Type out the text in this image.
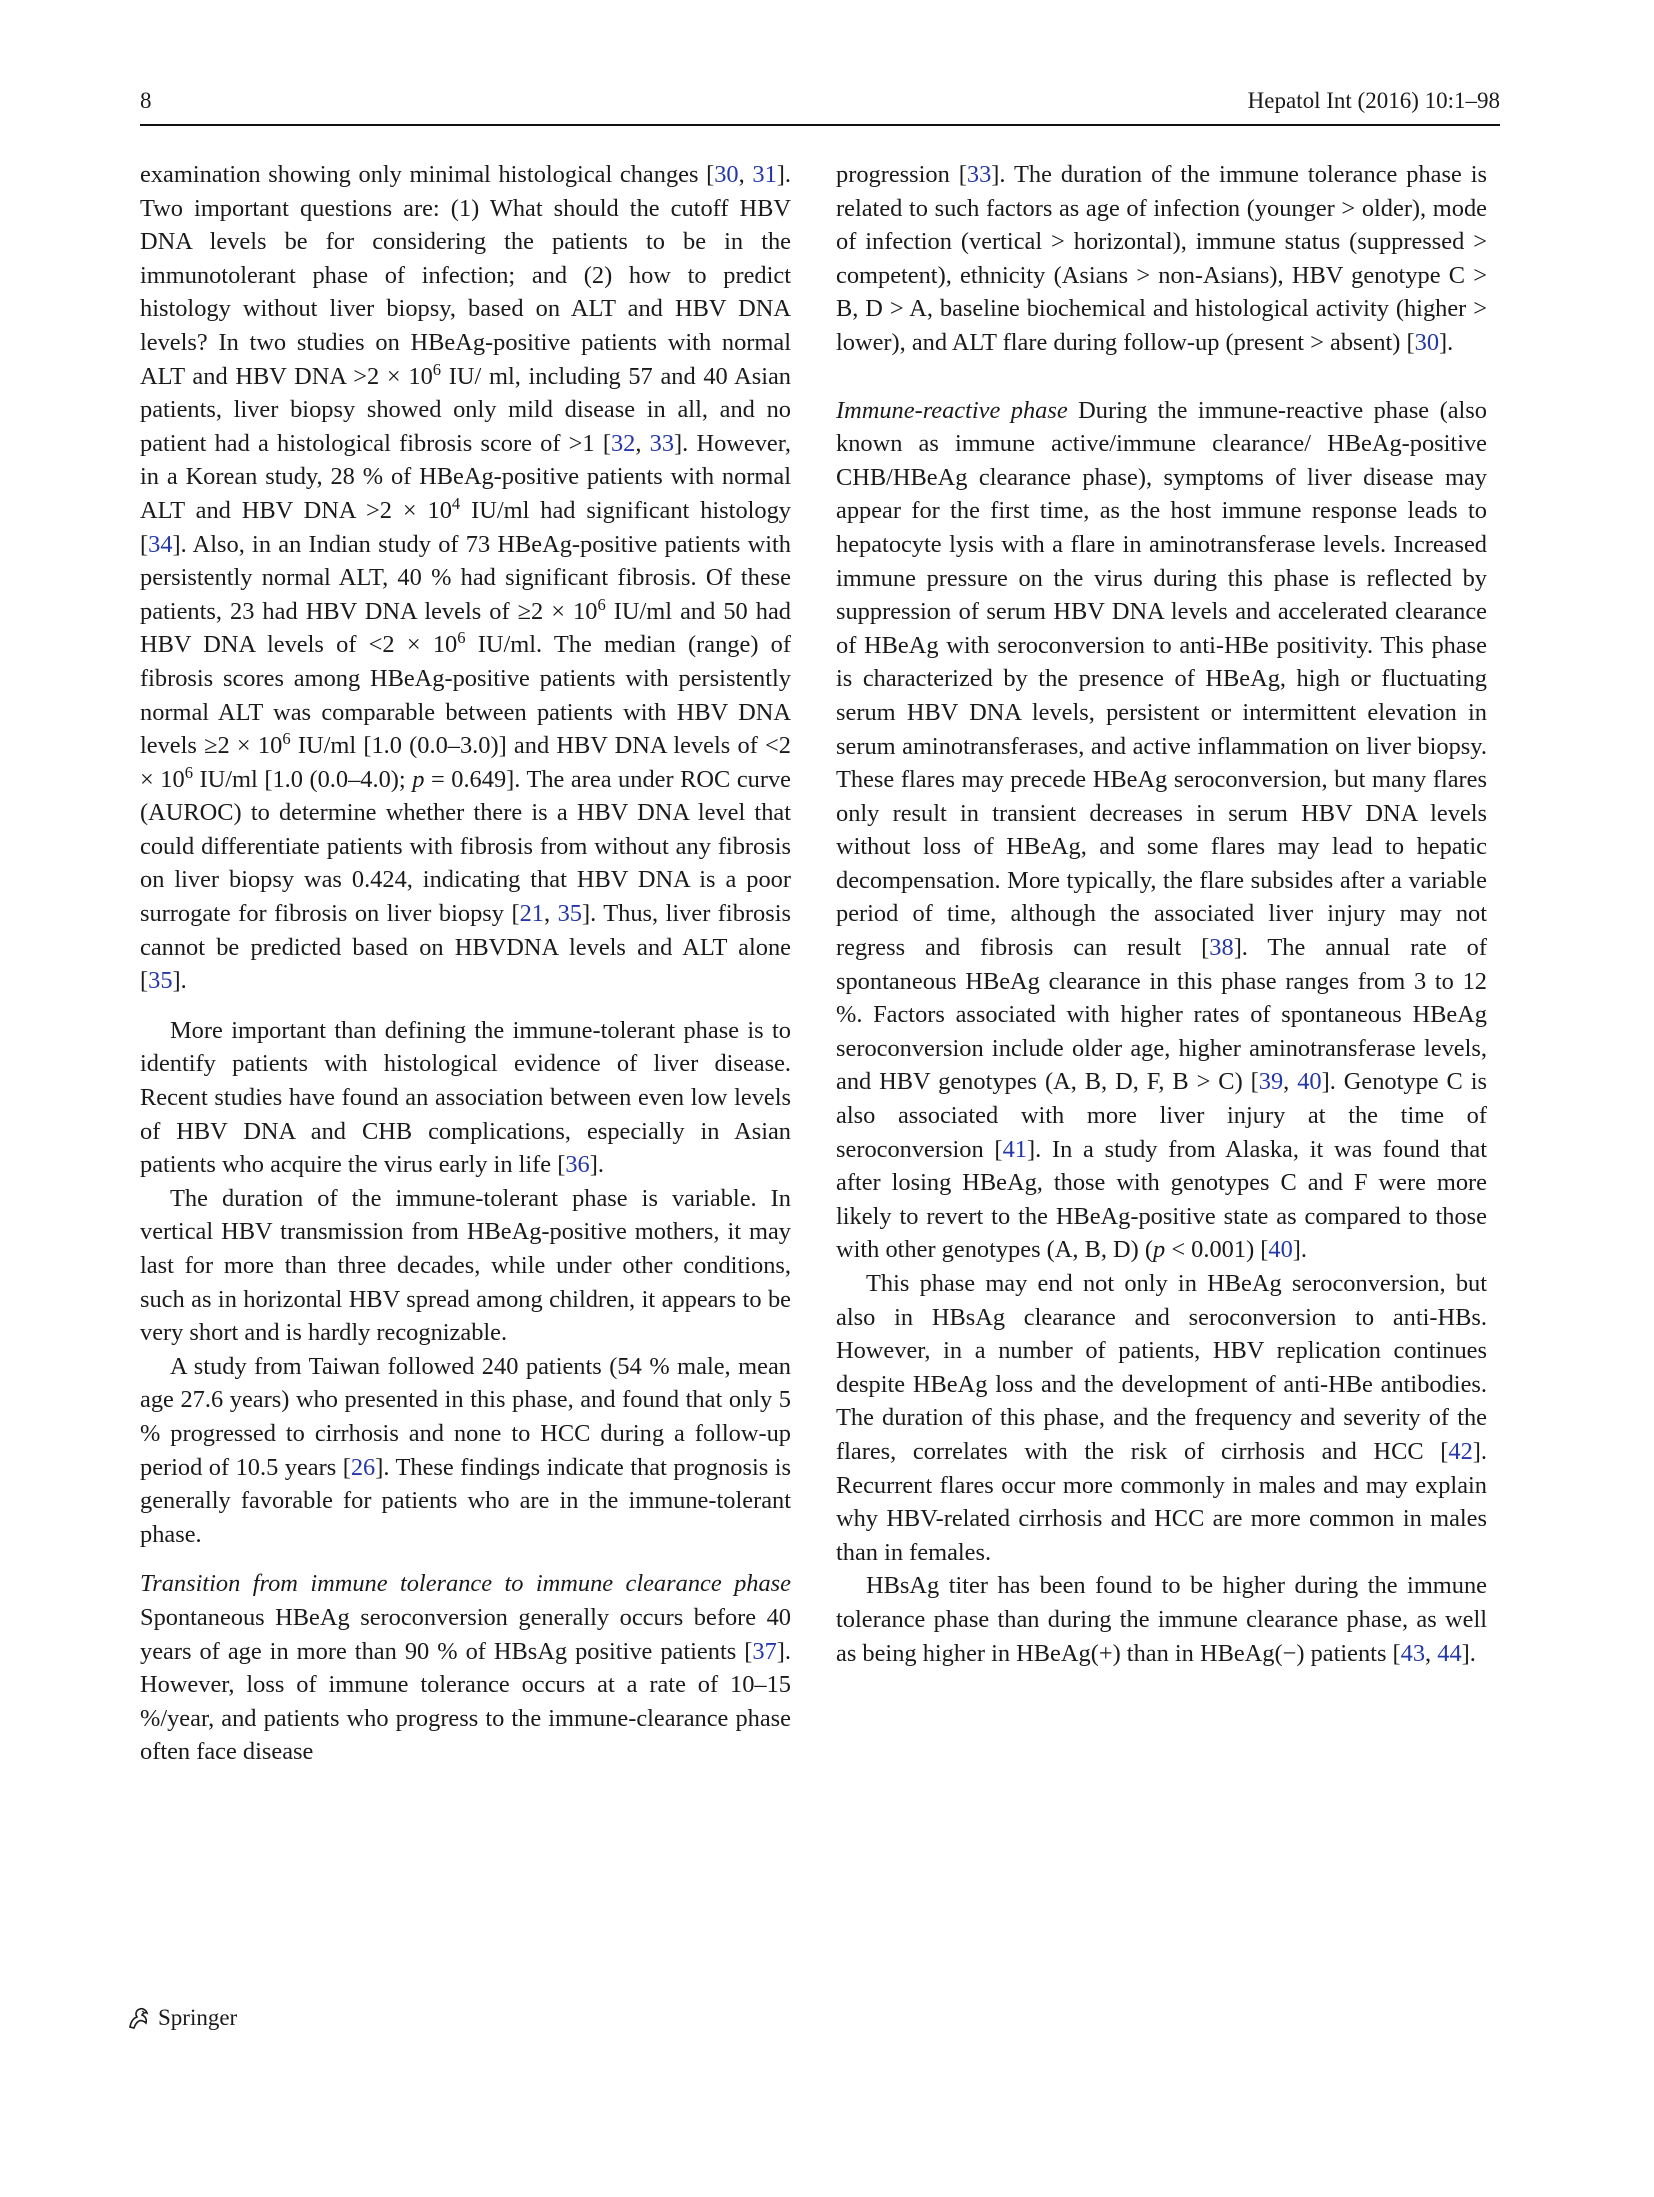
8	Hepatol Int (2016) 10:1–98

examination showing only minimal histological changes [30, 31]. Two important questions are: (1) What should the cutoff HBV DNA levels be for considering the patients to be in the immunotolerant phase of infection; and (2) how to predict histology without liver biopsy, based on ALT and HBV DNA levels? In two studies on HBeAg-positive patients with normal ALT and HBV DNA $>2 \times 10^6$ IU/ ml, including 57 and 40 Asian patients, liver biopsy showed only mild disease in all, and no patient had a histological fibrosis score of >1 [32, 33]. However, in a Korean study, 28 % of HBeAg-positive patients with normal ALT and HBV DNA $>2 \times 10^4$ IU/ml had significant histology [34]. Also, in an Indian study of 73 HBeAg-positive patients with persistently normal ALT, 40 % had significant fibrosis. Of these patients, 23 had HBV DNA levels of $\ge 2 \times 10^6$ IU/ml and 50 had HBV DNA levels of $<2 \times 10^6$ IU/ml. The median (range) of fibrosis scores among HBeAg-positive patients with persistently normal ALT was comparable between patients with HBV DNA levels $\ge 2 \times 10^6$ IU/ml [1.0 (0.0–3.0)] and HBV DNA levels of $<2 \times 10^6$ IU/ml [1.0 (0.0–4.0); p = 0.649]. The area under ROC curve (AUROC) to determine whether there is a HBV DNA level that could differentiate patients with fibrosis from without any fibrosis on liver biopsy was 0.424, indicating that HBV DNA is a poor surrogate for fibrosis on liver biopsy [21, 35]. Thus, liver fibrosis cannot be predicted based on HBVDNA levels and ALT alone [35].

More important than defining the immune-tolerant phase is to identify patients with histological evidence of liver disease. Recent studies have found an association between even low levels of HBV DNA and CHB complications, especially in Asian patients who acquire the virus early in life [36].

The duration of the immune-tolerant phase is variable. In vertical HBV transmission from HBeAg-positive mothers, it may last for more than three decades, while under other conditions, such as in horizontal HBV spread among children, it appears to be very short and is hardly recognizable.

A study from Taiwan followed 240 patients (54 % male, mean age 27.6 years) who presented in this phase, and found that only 5 % progressed to cirrhosis and none to HCC during a follow-up period of 10.5 years [26]. These findings indicate that prognosis is generally favorable for patients who are in the immune-tolerant phase.

Transition from immune tolerance to immune clearance phase Spontaneous HBeAg seroconversion generally occurs before 40 years of age in more than 90 % of HBsAg positive patients [37]. However, loss of immune tolerance occurs at a rate of 10–15 %/year, and patients who progress to the immune-clearance phase often face disease

progression [33]. The duration of the immune tolerance phase is related to such factors as age of infection (younger > older), mode of infection (vertical > horizontal), immune status (suppressed > competent), ethnicity (Asians > non-Asians), HBV genotype C > B, D > A, baseline biochemical and histological activity (higher > lower), and ALT flare during follow-up (present > absent) [30].

Immune-reactive phase During the immune-reactive phase (also known as immune active/immune clearance/ HBeAg-positive CHB/HBeAg clearance phase), symptoms of liver disease may appear for the first time, as the host immune response leads to hepatocyte lysis with a flare in aminotransferase levels. Increased immune pressure on the virus during this phase is reflected by suppression of serum HBV DNA levels and accelerated clearance of HBeAg with seroconversion to anti-HBe positivity. This phase is characterized by the presence of HBeAg, high or fluctuating serum HBV DNA levels, persistent or intermittent elevation in serum aminotransferases, and active inflammation on liver biopsy. These flares may precede HBeAg seroconversion, but many flares only result in transient decreases in serum HBV DNA levels without loss of HBeAg, and some flares may lead to hepatic decompensation. More typically, the flare subsides after a variable period of time, although the associated liver injury may not regress and fibrosis can result [38]. The annual rate of spontaneous HBeAg clearance in this phase ranges from 3 to 12 %. Factors associated with higher rates of spontaneous HBeAg seroconversion include older age, higher aminotransferase levels, and HBV genotypes (A, B, D, F, B > C) [39, 40]. Genotype C is also associated with more liver injury at the time of seroconversion [41]. In a study from Alaska, it was found that after losing HBeAg, those with genotypes C and F were more likely to revert to the HBeAg-positive state as compared to those with other genotypes (A, B, D) (p < 0.001) [40].

This phase may end not only in HBeAg seroconversion, but also in HBsAg clearance and seroconversion to anti-HBs. However, in a number of patients, HBV replication continues despite HBeAg loss and the development of anti-HBe antibodies. The duration of this phase, and the frequency and severity of the flares, correlates with the risk of cirrhosis and HCC [42]. Recurrent flares occur more commonly in males and may explain why HBV-related cirrhosis and HCC are more common in males than in females.

HBsAg titer has been found to be higher during the immune tolerance phase than during the immune clearance phase, as well as being higher in HBeAg(+) than in HBeAg(−) patients [43, 44].

Springer
